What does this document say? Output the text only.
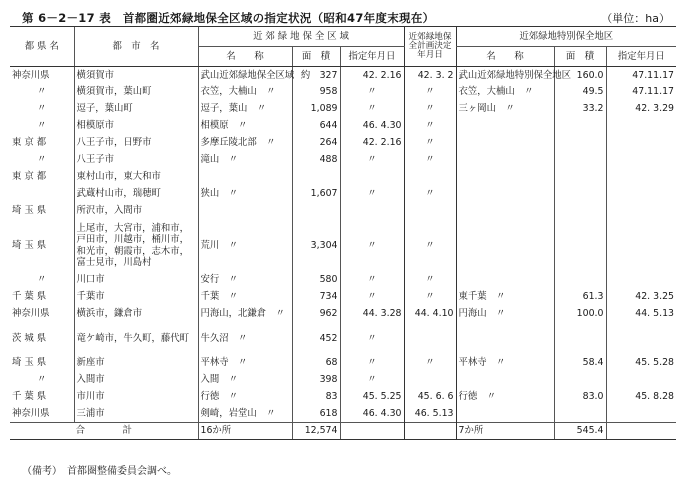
第 6－2－17 表　首都圏近郊緑地保全区域の指定状況（昭和47年度末現在）	（単位：ha）
都 県 名	都　市　名	近 郊 緑 地 保 全 区 域			近郊緑地保全計画決定年月日	近郊緑地特別保全地区		
		名　　称	面　積	指定年月日		名　　称	面　積	指定年月日
神奈川県	横須賀市	武山近郊緑地保全区域	約　327	42. 2.16	42. 3. 2	武山近郊緑地特別保全地区	160.0	47.11.17
〃	横須賀市，葉山町	衣笠，大楠山　〃	958	〃	〃	衣笠，大楠山　〃	49.5	47.11.17
〃	逗子，葉山町	逗子，葉山　〃	1,089	〃	〃	三ヶ岡山　〃	33.2	42. 3.29
〃	相模原市	相模原　〃	644	46. 4.30	〃			
東 京 都	八王子市，日野市	多摩丘陵北部　〃	264	42. 2.16	〃			
〃	八王子市	滝山　〃	488	〃	〃			
東 京 都	東村山市，東大和市							
	武蔵村山市，瑞穂町	狭山　〃	1,607	〃	〃			
埼 玉 県	所沢市，入間市							
埼 玉 県	上尾市，大宮市，浦和市，戸田市，川越市，桶川市，和光市，朝霞市，志木市，富士見市，川島村	荒川　〃	3,304	〃	〃			
〃	川口市	安行　〃	580	〃	〃			
千 葉 県	千葉市	千葉　〃	734	〃	〃	東千葉　〃	61.3	42. 3.25
神奈川県	横浜市，鎌倉市	円海山，北鎌倉　〃	962	44. 3.28	44. 4.10	円海山　〃	100.0	44. 5.13
茨 城 県	竜ケ崎市，牛久町，藤代町	牛久沼　〃	452	〃				
埼 玉 県	新座市	平林寺　〃	68	〃	〃	平林寺　〃	58.4	45. 5.28
〃	入間市	入間　〃	398	〃				
千 葉 県	市川市	行徳　〃	83	45. 5.25	45. 6. 6	行徳　〃	83.0	45. 8.28
神奈川県	三浦市	剣崎，岩堂山　〃	618	46. 4.30	46. 5.13			
合　　　　計		16か所	12,574			7か所	545.4	
（備考）　首都圏整備委員会調べ。
